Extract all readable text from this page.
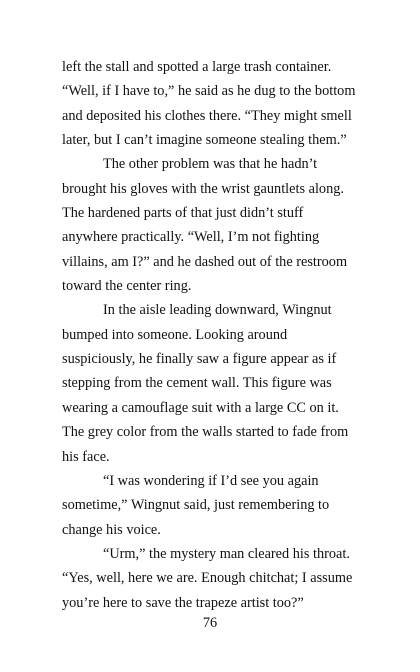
left the stall and spotted a large trash container.
“Well, if I have to,” he said as he dug to the bottom
and deposited his clothes there. “They might smell
later, but I can’t imagine someone stealing them.”
The other problem was that he hadn’t
brought his gloves with the wrist gauntlets along.
The hardened parts of that just didn’t stuff
anywhere practically. “Well, I’m not fighting
villains, am I?” and he dashed out of the restroom
toward the center ring.
In the aisle leading downward, Wingnut
bumped into someone. Looking around
suspiciously, he finally saw a figure appear as if
stepping from the cement wall. This figure was
wearing a camouflage suit with a large CC on it.
The grey color from the walls started to fade from
his face.
“I was wondering if I’d see you again
sometime,” Wingnut said, just remembering to
change his voice.
“Urm,” the mystery man cleared his throat.
“Yes, well, here we are. Enough chitchat; I assume
you’re here to save the trapeze artist too?”
76
